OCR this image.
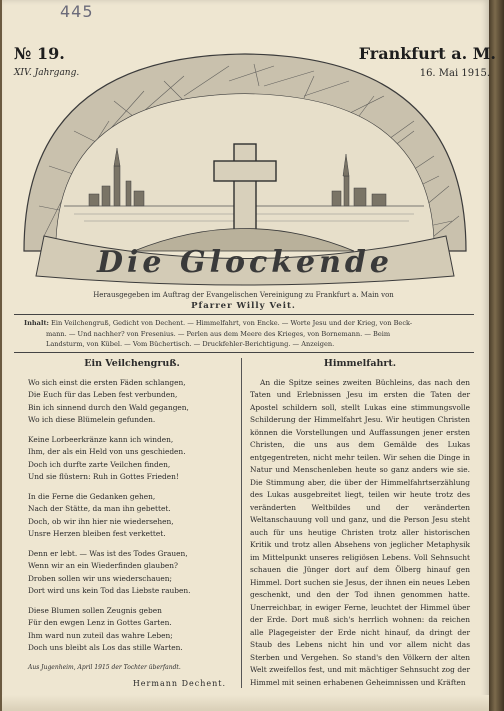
445
Die Glockende
№ 19.
XIV. Jahrgang.
Frankfurt a. M.
16. Mai 1915.
Herausgegeben im Auftrag der Evangelischen Vereinigung zu Frankfurt a. Main von
Pfarrer Willy Veit.
Inhalt: Ein Veilchengruß, Gedicht von Dechent. — Himmelfahrt, von Encke. — Worte Jesu und der Krieg, von Beck-
mann. — Und nachher? von Fresenius. — Perlen aus dem Meere des Krieges, von Bornemann. — Beim
Landsturm, von Kübel. — Vom Büchertisch. — Druckfehler-Berichtigung. — Anzeigen.
Ein Veilchengruß.
Wo sich einst die ersten Fäden schlangen,
Die Euch für das Leben fest verbunden,
Bin ich sinnend durch den Wald gegangen,
Wo ich diese Blümelein gefunden.
Keine Lorbeerkränze kann ich winden,
Ihm, der als ein Held von uns geschieden.
Doch ich durfte zarte Veilchen finden,
Und sie flüstern: Ruh in Gottes Frieden!
In die Ferne die Gedanken gehen,
Nach der Stätte, da man ihn gebettet.
Doch, ob wir ihn hier nie wiedersehen,
Unsre Herzen bleiben fest verkettet.
Denn er lebt. — Was ist des Todes Grauen,
Wenn wir an ein Wiederfinden glauben?
Droben sollen wir uns wiederschauen;
Dort wird uns kein Tod das Liebste rauben.
Diese Blumen sollen Zeugnis geben
Für den ewgen Lenz in Gottes Garten.
Ihm ward nun zuteil das wahre Leben;
Doch uns bleibt als Los das stille Warten.
Aus Jugenheim, April 1915 der Tochter überfandt.
Hermann Dechent.
Himmelfahrt.
An die Spitze seines zweiten Büchleins, das nach den Taten und Erlebnissen Jesu im ersten die Taten der Apostel schildern soll, stellt Lukas eine stimmungsvolle Schilderung der Himmelfahrt Jesu. Wir heutigen Christen können die Vorstellungen und Auffassungen jener ersten Christen, die uns aus dem Gemälde des Lukas entgegentreten, nicht mehr teilen. Wir sehen die Dinge in Natur und Menschenleben heute so ganz anders wie sie. Die Stimmung aber, die über der Himmelfahrtserzählung des Lukas ausgebreitet liegt, teilen wir heute trotz des veränderten Weltbildes und der veränderten Weltanschauung voll und ganz, und die Person Jesu steht auch für uns heutige Christen trotz aller historischen Kritik und trotz allen Absehens von jeglicher Metaphysik im Mittelpunkt unseres religiösen Lebens. Voll Sehnsucht schauen die Jünger dort auf dem Ölberg hinauf gen Himmel. Dort suchen sie Jesus, der ihnen ein neues Leben geschenkt, und den der Tod ihnen genommen hatte. Unerreichbar, in ewiger Ferne, leuchtet der Himmel über der Erde. Dort muß sich's herrlich wohnen: da reichen alle Plagegeister der Erde nicht hinauf, da dringt der Staub des Lebens nicht hin und vor allem nicht das Sterben und Vergehen. So stand's den Völkern der alten Welt zweifellos fest, und mit mächtiger Sehnsucht zog der Himmel mit seinen erhabenen Geheimnissen und Kräften
